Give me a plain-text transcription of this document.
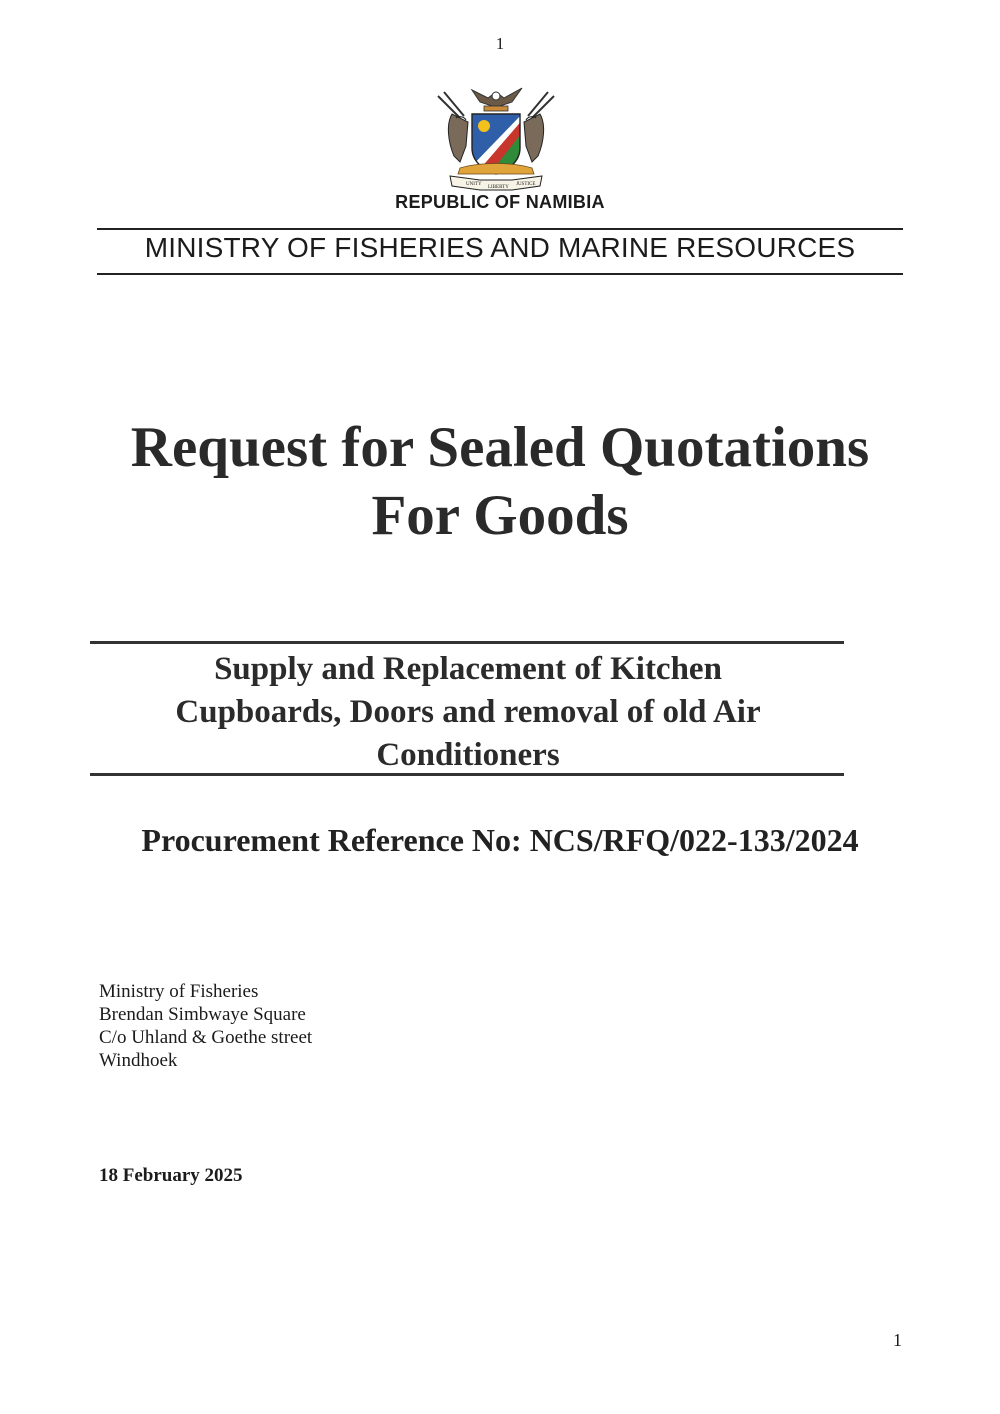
1
UNITY
LIBERTY
JUSTICE
REPUBLIC OF NAMIBIA
MINISTRY OF FISHERIES AND MARINE RESOURCES
Request for Sealed Quotations
For Goods
Supply and Replacement of Kitchen
Cupboards, Doors and removal of old Air
Conditioners
Procurement Reference No: NCS/RFQ/022-133/2024
Ministry of Fisheries
Brendan Simbwaye Square
C/o Uhland & Goethe street
Windhoek
18 February 2025
1
